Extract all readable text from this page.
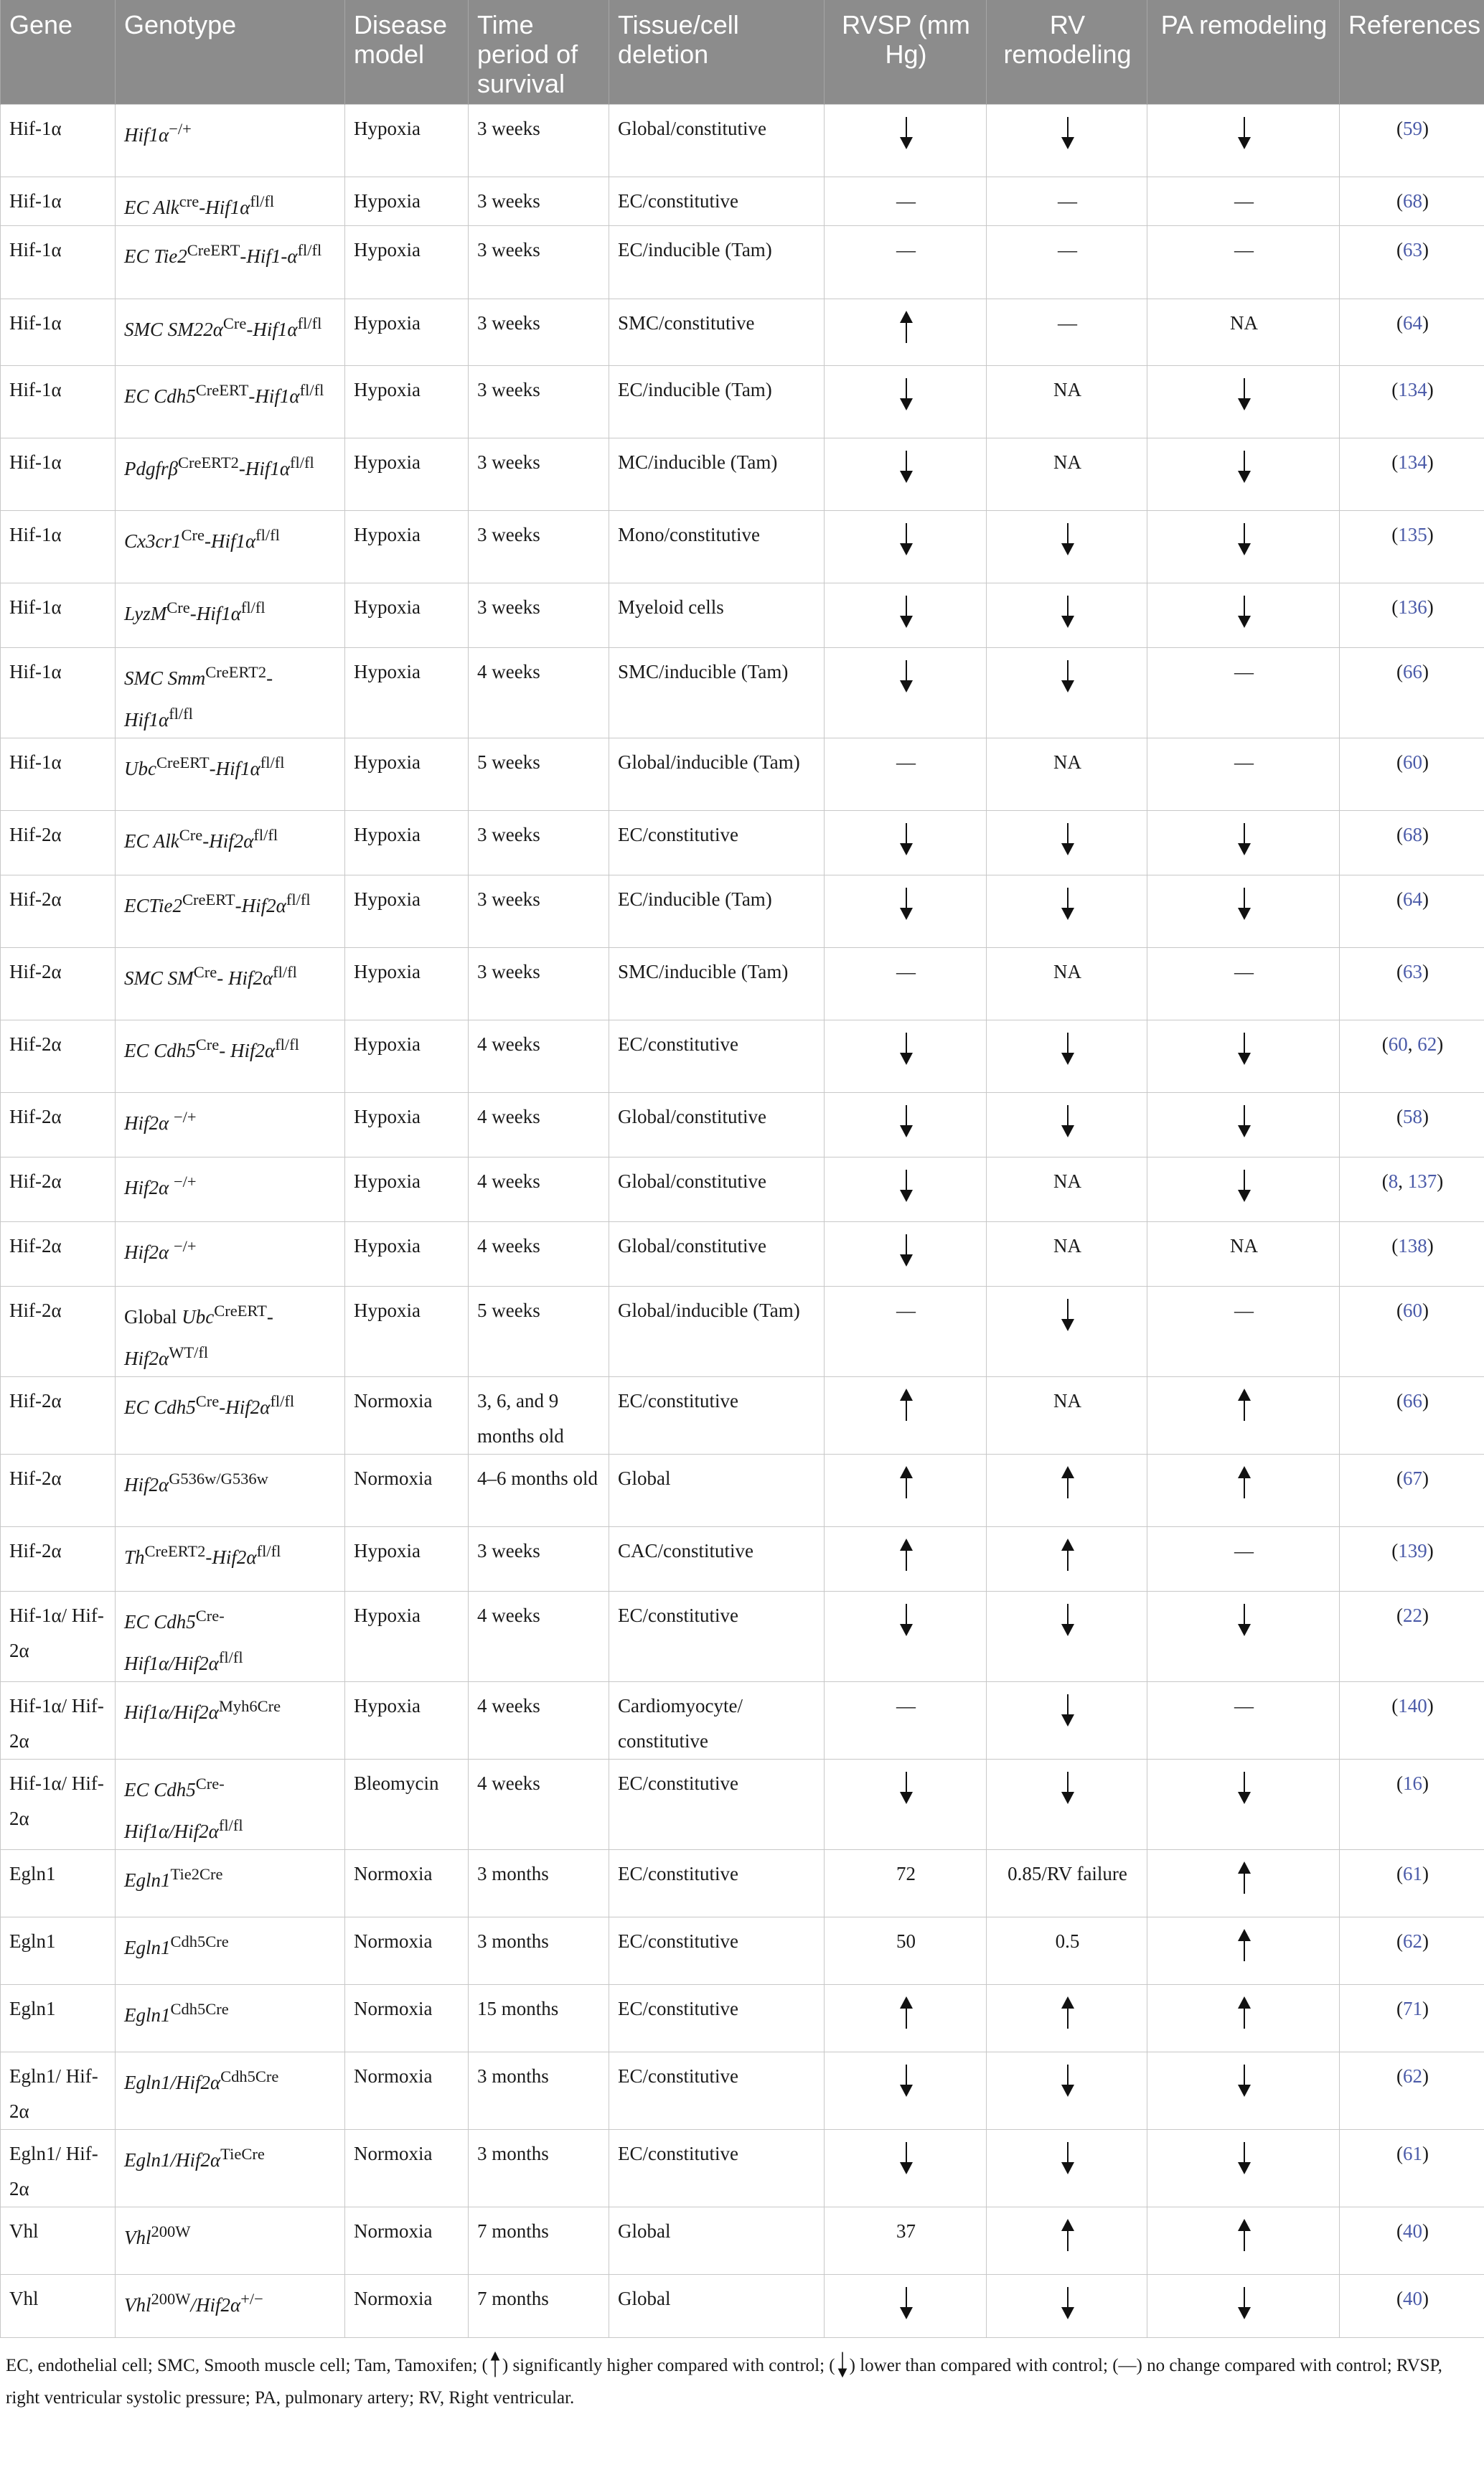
Gene	Genotype	Disease model	Time period of survival	Tissue/cell deletion	RVSP (mm Hg)	RV remodeling	PA remodeling	References
Hif-1α	Hif1α−/+	Hypoxia	3 weeks	Global/constitutive				(59)
Hif-1α	EC $Alk^{cre}-Hif1\alpha^{fl/fl}$	Hypoxia	3 weeks	EC/constitutive	—	—	—	(68)
Hif-1α	EC $Tie2^{CreERT}-Hif1-\alpha^{fl/fl}$	Hypoxia	3 weeks	EC/inducible (Tam)	—	—	—	(63)
Hif-1α	SMC $SM22\alpha^{Cre}-Hif1\alpha^{fl/fl}$	Hypoxia	3 weeks	SMC/constitutive		—	NA	(64)
Hif-1α	EC $Cdh5^{CreERT}-Hif1\alpha^{fl/fl}$	Hypoxia	3 weeks	EC/inducible (Tam)		NA		(134)
Hif-1α	$Pdgfr\beta^{CreERT2}-Hif1\alpha^{fl/fl}$	Hypoxia	3 weeks	MC/inducible (Tam)		NA		(134)
Hif-1α	$Cx3cr1^{Cre}-Hif1\alpha^{fl/fl}$	Hypoxia	3 weeks	Mono/constitutive				(135)
Hif-1α	$LyzM^{Cre}-Hif1\alpha^{fl/fl}$	Hypoxia	3 weeks	Myeloid cells				(136)
Hif-1α	SMC $Smm^{CreERT2}-Hif1\alpha^{fl/fl}$	Hypoxia	4 weeks	SMC/inducible (Tam)			—	(66)
Hif-1α	$Ubc^{CreERT}-Hif1\alpha^{fl/fl}$	Hypoxia	5 weeks	Global/inducible (Tam)	—	NA	—	(60)
Hif-2α	EC $Alk^{Cre}-Hif2\alpha^{fl/fl}$	Hypoxia	3 weeks	EC/constitutive				(68)
Hif-2α	$ECTie2^{CreERT}-Hif2\alpha^{fl/fl}$	Hypoxia	3 weeks	EC/inducible (Tam)				(64)
Hif-2α	SMC $SM^{Cre}-$ $Hif2\alpha^{fl/fl}$	Hypoxia	3 weeks	SMC/inducible (Tam)	—	NA	—	(63)
Hif-2α	EC $Cdh5^{Cre}-$ $Hif2\alpha^{fl/fl}$	Hypoxia	4 weeks	EC/constitutive				(60, 62)
Hif-2α	Hif2α −/+	Hypoxia	4 weeks	Global/constitutive				(58)
Hif-2α	Hif2α −/+	Hypoxia	4 weeks	Global/constitutive		NA		(8, 137)
Hif-2α	Hif2α −/+	Hypoxia	4 weeks	Global/constitutive		NA	NA	(138)
Hif-2α	Global $Ubc^{CreERT}-Hif2\alpha^{WT/fl}$	Hypoxia	5 weeks	Global/inducible (Tam)	—		—	(60)
Hif-2α	EC $Cdh5^{Cre}-Hif2\alpha^{fl/fl}$	Normoxia	3, 6, and 9 months old	EC/constitutive		NA		(66)
Hif-2α	$Hif2\alpha^{G536w/G536w}$	Normoxia	4–6 months old	Global				(67)
Hif-2α	$Th^{CreERT2}-Hif2\alpha^{fl/fl}$	Hypoxia	3 weeks	CAC/constitutive			—	(139)
Hif-1α/ Hif-2α	EC $Cdh5^{Cre-}Hif1\alpha/Hif2\alpha^{fl/fl}$	Hypoxia	4 weeks	EC/constitutive				(22)
Hif-1α/ Hif-2α	$Hif1\alpha/Hif2\alpha^{Myh6Cre}$	Hypoxia	4 weeks	Cardiomyocyte/ constitutive	—		—	(140)
Hif-1α/ Hif-2α	EC $Cdh5^{Cre-}Hif1\alpha/Hif2\alpha^{fl/fl}$	Bleomycin	4 weeks	EC/constitutive				(16)
Egln1	$Egln1^{Tie2Cre}$	Normoxia	3 months	EC/constitutive	72	0.85/RV failure		(61)
Egln1	$Egln1^{Cdh5Cre}$	Normoxia	3 months	EC/constitutive	50	0.5		(62)
Egln1	$Egln1^{Cdh5Cre}$	Normoxia	15 months	EC/constitutive				(71)
Egln1/ Hif-2α	$Egln1/Hif2\alpha^{Cdh5Cre}$	Normoxia	3 months	EC/constitutive				(62)
Egln1/ Hif-2α	$Egln1/Hif2\alpha^{TieCre}$	Normoxia	3 months	EC/constitutive				(61)
Vhl	Vhl$^{200W}$	Normoxia	7 months	Global	37			(40)
Vhl	Vhl$^{200W}$/Hif2α+/−	Normoxia	7 months	Global				(40)
EC, endothelial cell; SMC, Smooth muscle cell; Tam, Tamoxifen; ( ) significantly higher compared with control; ( ) lower than compared with control; (—) no change compared with control; RVSP, right ventricular systolic pressure; PA, pulmonary artery; RV, Right ventricular.
